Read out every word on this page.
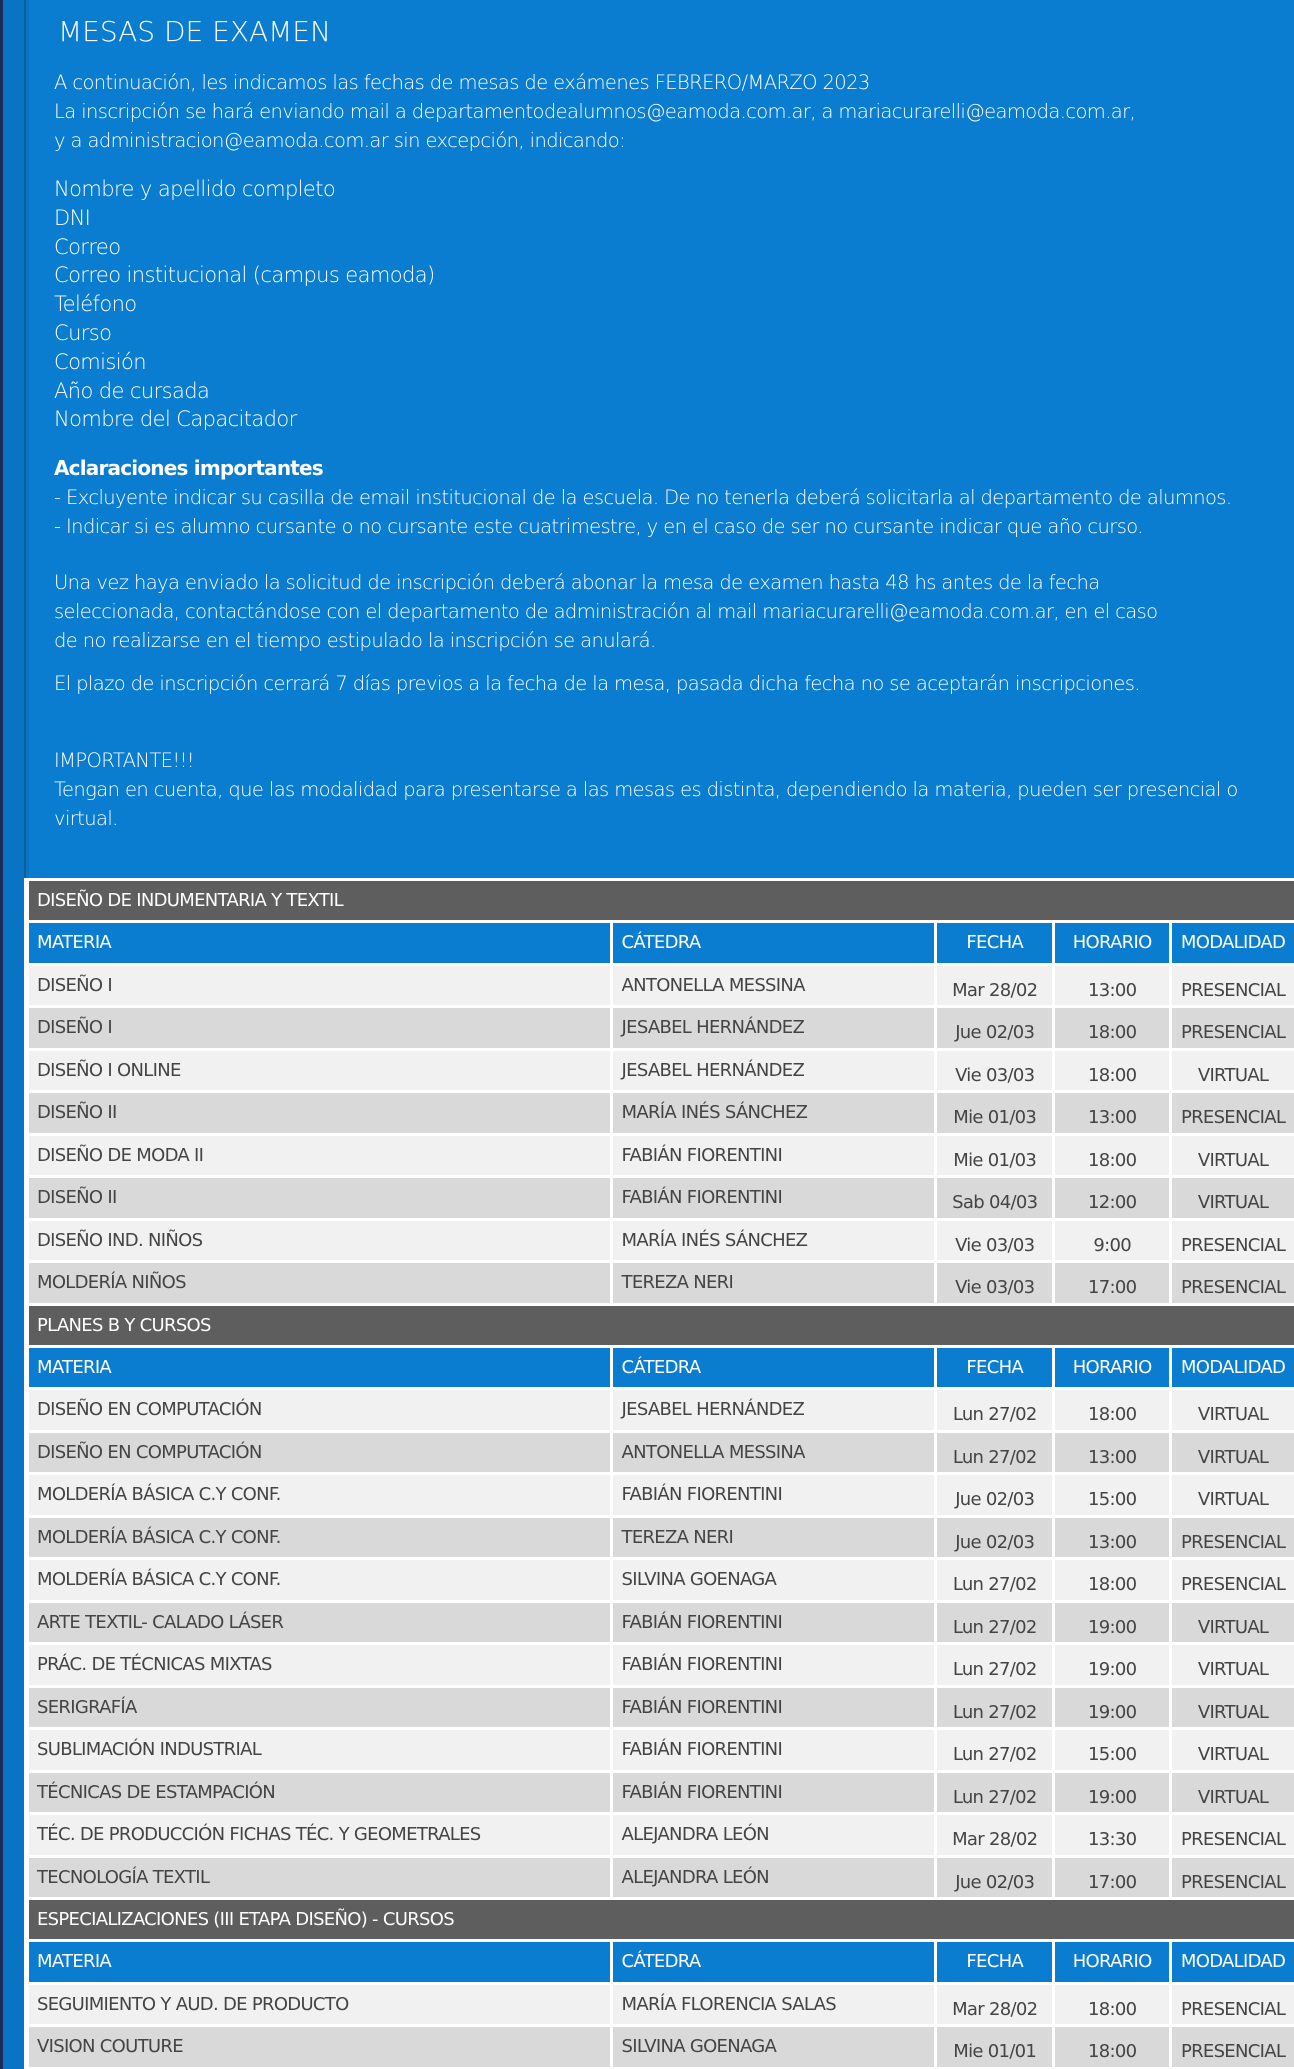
MESAS DE EXAMEN

A continuación, les indicamos las fechas de mesas de exámenes FEBRERO/MARZO 2023

La inscripción se hará enviando mail a departamentodealumnos@eamoda.com.ar, a mariacurarelli@eamoda.com.ar,

y a administracion@eamoda.com.ar sin excepción, indicando:

Nombre y apellido completo
DNI
Correo
Correo institucional (campus eamoda)
Teléfono
Curso
Comisión
Año de cursada
Nombre del Capacitador

Aclaraciones importantes

- Excluyente indicar su casilla de email institucional de la escuela. De no tenerla deberá solicitarla al departamento de alumnos.

- Indicar si es alumno cursante o no cursante este cuatrimestre, y en el caso de ser no cursante indicar que año curso.

Una vez haya enviado la solicitud de inscripción deberá abonar la mesa de examen hasta 48 hs antes de la fecha

seleccionada, contactándose con el departamento de administración al mail mariacurarelli@eamoda.com.ar, en el caso

de no realizarse en el tiempo estipulado la inscripción se anulará.

El plazo de inscripción cerrará 7 días previos a la fecha de la mesa, pasada dicha fecha no se aceptarán inscripciones.

IMPORTANTE!!!

Tengan en cuenta, que las modalidad para presentarse a las mesas es distinta, dependiendo la materia, pueden ser presencial o virtual.

DISEÑO DE INDUMENTARIA Y TEXTIL
MATERIA	CÁTEDRA	FECHA	HORARIO	MODALIDAD
DISEÑO I	ANTONELLA MESSINA	Mar 28/02	13:00	PRESENCIAL
DISEÑO I	JESABEL HERNÁNDEZ	Jue 02/03	18:00	PRESENCIAL
DISEÑO I ONLINE	JESABEL HERNÁNDEZ	Vie 03/03	18:00	VIRTUAL
DISEÑO II	MARÍA INÉS SÁNCHEZ	Mie 01/03	13:00	PRESENCIAL
DISEÑO DE MODA II	FABIÁN FIORENTINI	Mie 01/03	18:00	VIRTUAL
DISEÑO II	FABIÁN FIORENTINI	Sab 04/03	12:00	VIRTUAL
DISEÑO IND. NIÑOS	MARÍA INÉS SÁNCHEZ	Vie 03/03	9:00	PRESENCIAL
MOLDERÍA NIÑOS	TEREZA NERI	Vie 03/03	17:00	PRESENCIAL
PLANES B Y CURSOS
MATERIA	CÁTEDRA	FECHA	HORARIO	MODALIDAD
DISEÑO EN COMPUTACIÓN	JESABEL HERNÁNDEZ	Lun 27/02	18:00	VIRTUAL
DISEÑO EN COMPUTACIÓN	ANTONELLA MESSINA	Lun 27/02	13:00	VIRTUAL
MOLDERÍA BÁSICA C.Y CONF.	FABIÁN FIORENTINI	Jue 02/03	15:00	VIRTUAL
MOLDERÍA BÁSICA C.Y CONF.	TEREZA NERI	Jue 02/03	13:00	PRESENCIAL
MOLDERÍA BÁSICA C.Y CONF.	SILVINA GOENAGA	Lun 27/02	18:00	PRESENCIAL
ARTE TEXTIL- CALADO LÁSER	FABIÁN FIORENTINI	Lun 27/02	19:00	VIRTUAL
PRÁC. DE TÉCNICAS MIXTAS	FABIÁN FIORENTINI	Lun 27/02	19:00	VIRTUAL
SERIGRAFÍA	FABIÁN FIORENTINI	Lun 27/02	19:00	VIRTUAL
SUBLIMACIÓN INDUSTRIAL	FABIÁN FIORENTINI	Lun 27/02	15:00	VIRTUAL
TÉCNICAS DE ESTAMPACIÓN	FABIÁN FIORENTINI	Lun 27/02	19:00	VIRTUAL
TÉC. DE PRODUCCIÓN FICHAS TÉC. Y GEOMETRALES	ALEJANDRA LEÓN	Mar 28/02	13:30	PRESENCIAL
TECNOLOGÍA TEXTIL	ALEJANDRA LEÓN	Jue 02/03	17:00	PRESENCIAL
ESPECIALIZACIONES (III ETAPA DISEÑO) - CURSOS
MATERIA	CÁTEDRA	FECHA	HORARIO	MODALIDAD
SEGUIMIENTO Y AUD. DE PRODUCTO	MARÍA FLORENCIA SALAS	Mar 28/02	18:00	PRESENCIAL
VISION COUTURE	SILVINA GOENAGA	Mie 01/01	18:00	PRESENCIAL
